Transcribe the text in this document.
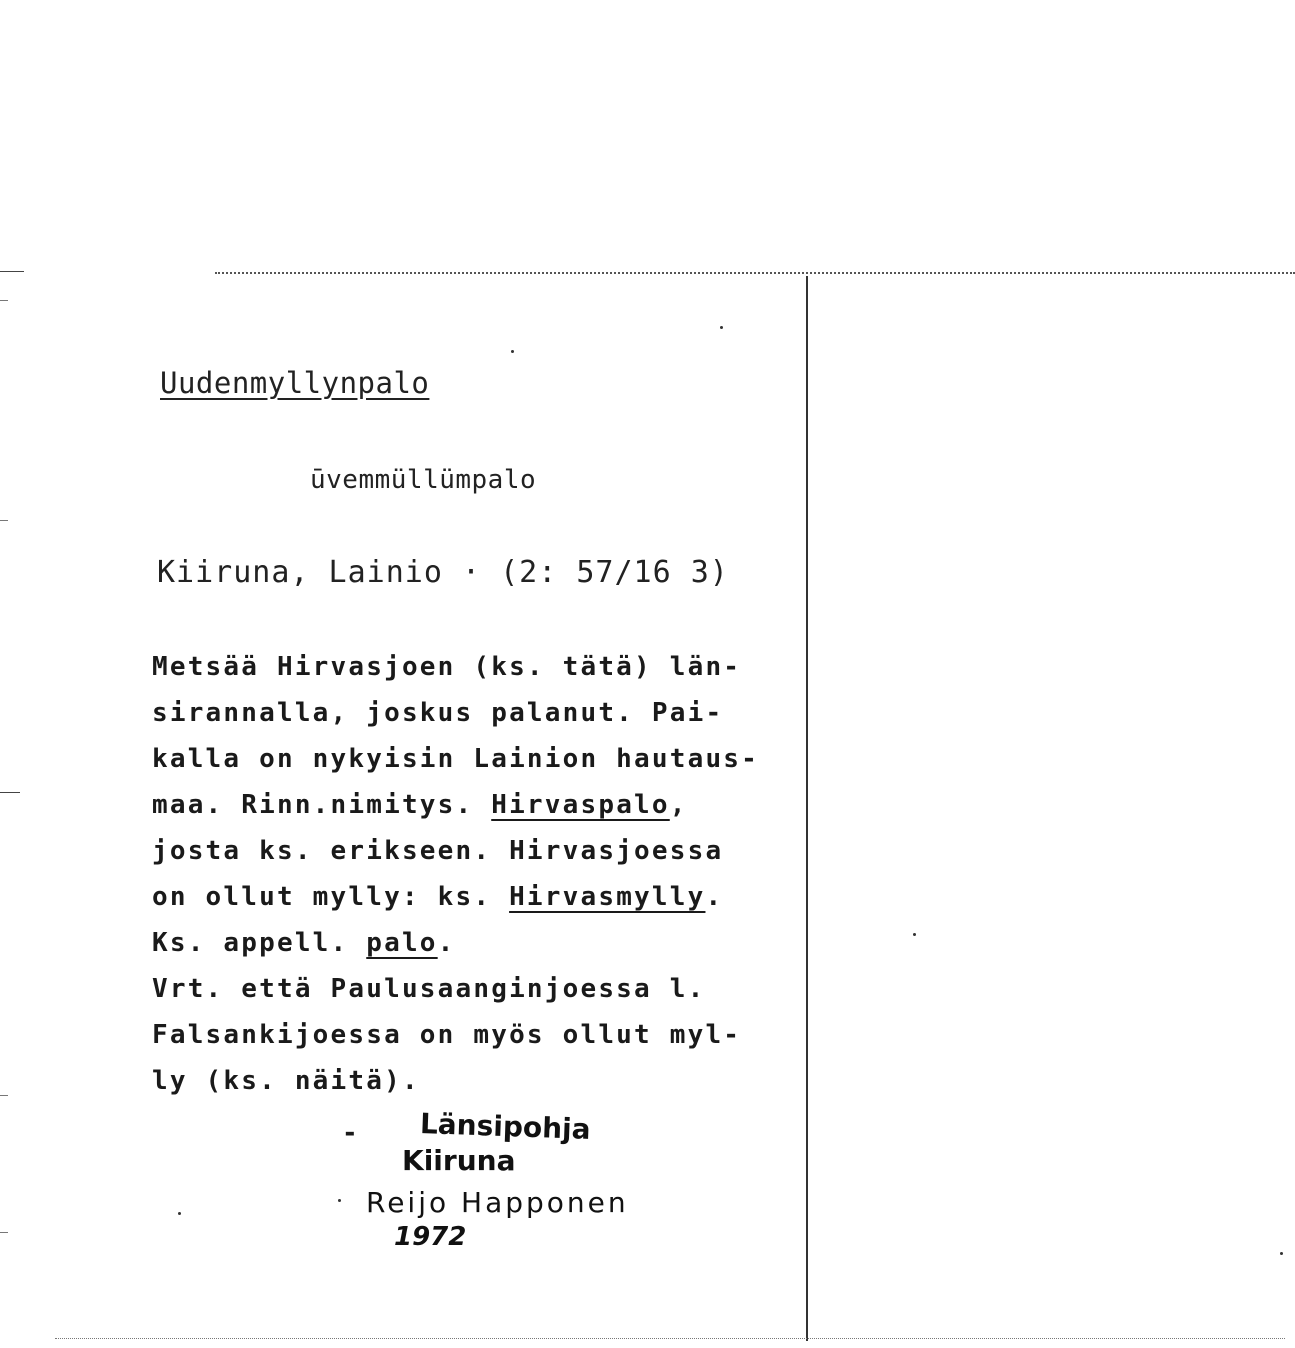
Uudenmyllynpalo
ūvemmüllümpalo
Kiiruna, Lainio · (2: 57/16 3)
Metsää Hirvasjoen (ks. tätä) län-
sirannalla, joskus palanut. Pai-
kalla on nykyisin Lainion hautaus-
maa. Rinn.nimitys. Hirvaspalo,
josta ks. erikseen. Hirvasjoessa
on ollut mylly: ks. Hirvasmylly.
Ks. appell. palo.
Vrt. että Paulusaanginjoessa l.
Falsankijoessa on myös ollut myl-
ly (ks. näitä).
- Länsipohja
Kiiruna
Reijo Happonen
1972
